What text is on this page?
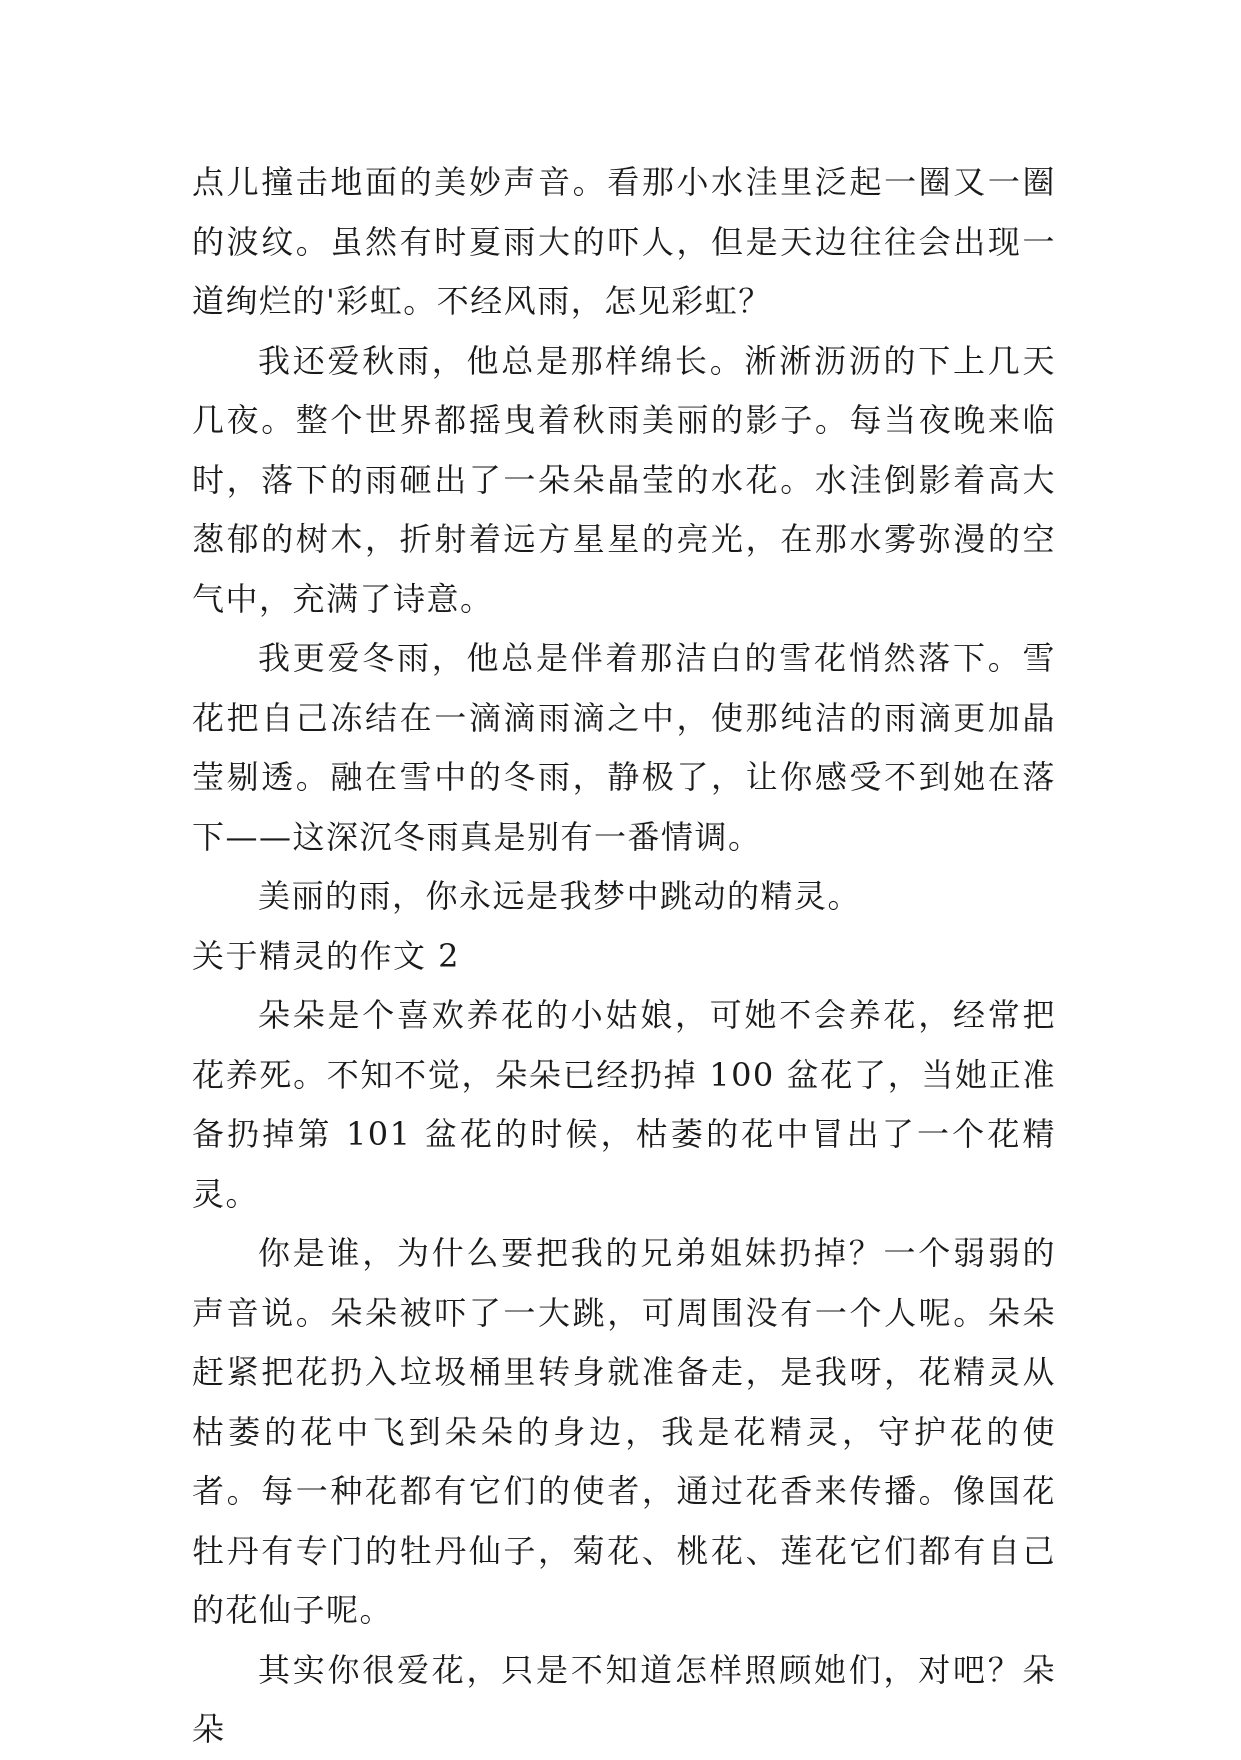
点儿撞击地面的美妙声音。看那小水洼里泛起一圈又一圈的波纹。虽然有时夏雨大的吓人，但是天边往往会出现一道绚烂的'彩虹。不经风雨，怎见彩虹？

我还爱秋雨，他总是那样绵长。淅淅沥沥的下上几天几夜。整个世界都摇曳着秋雨美丽的影子。每当夜晚来临时，落下的雨砸出了一朵朵晶莹的水花。水洼倒影着高大葱郁的树木，折射着远方星星的亮光，在那水雾弥漫的空气中，充满了诗意。

我更爱冬雨，他总是伴着那洁白的雪花悄然落下。雪花把自己冻结在一滴滴雨滴之中，使那纯洁的雨滴更加晶莹剔透。融在雪中的冬雨，静极了，让你感受不到她在落下——这深沉冬雨真是别有一番情调。

美丽的雨，你永远是我梦中跳动的精灵。

关于精灵的作文 2

朵朵是个喜欢养花的小姑娘，可她不会养花，经常把花养死。不知不觉，朵朵已经扔掉 100 盆花了，当她正准备扔掉第 101 盆花的时候，枯萎的花中冒出了一个花精灵。

你是谁，为什么要把我的兄弟姐妹扔掉？一个弱弱的声音说。朵朵被吓了一大跳，可周围没有一个人呢。朵朵赶紧把花扔入垃圾桶里转身就准备走，是我呀，花精灵从枯萎的花中飞到朵朵的身边，我是花精灵，守护花的使者。每一种花都有它们的使者，通过花香来传播。像国花牡丹有专门的牡丹仙子，菊花、桃花、莲花它们都有自己的花仙子呢。

其实你很爱花，只是不知道怎样照顾她们，对吧？朵朵
